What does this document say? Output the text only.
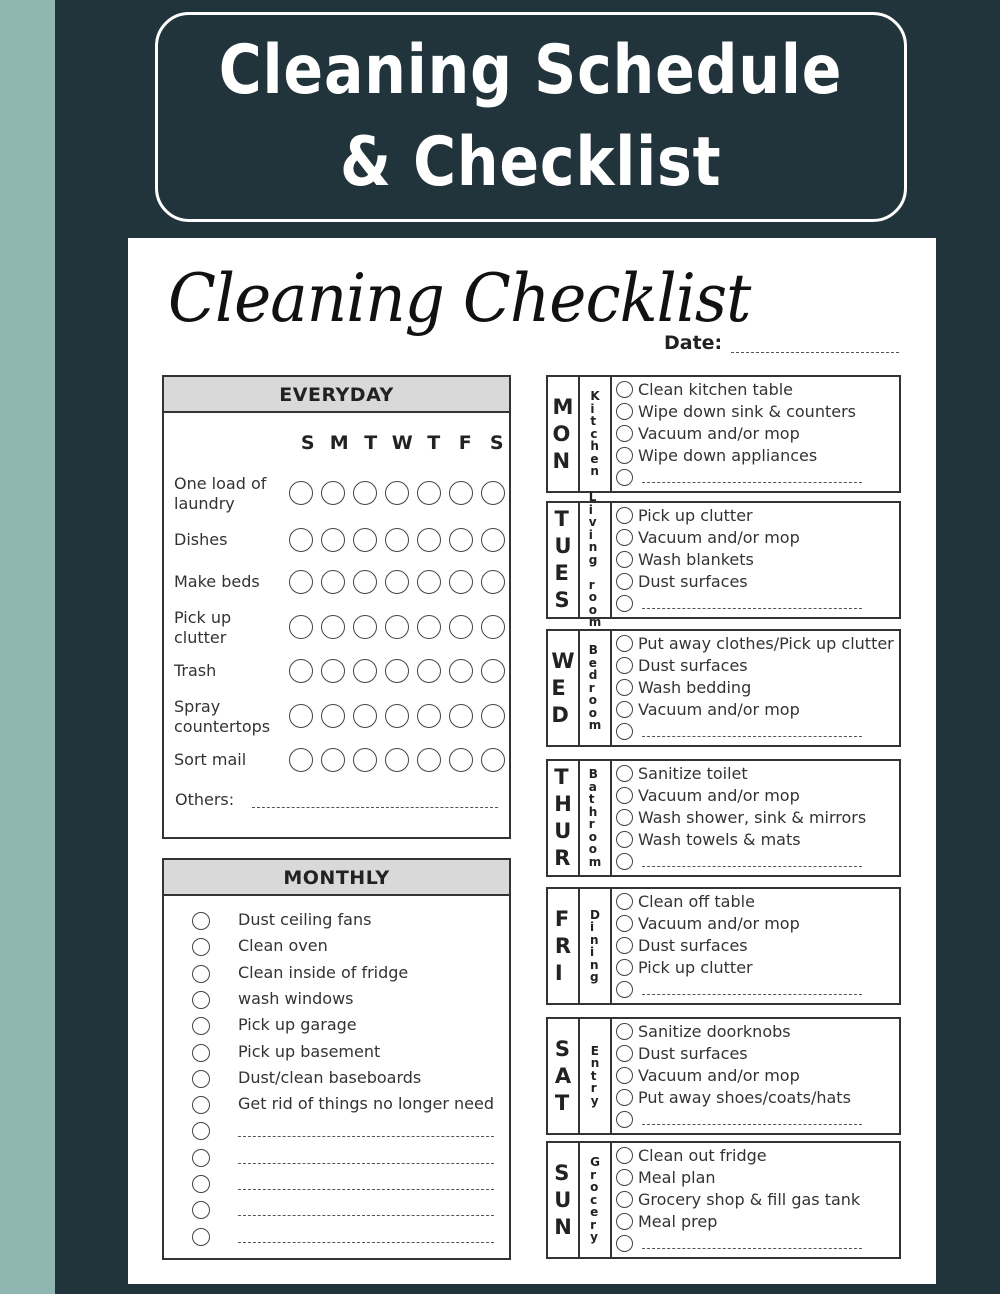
Cleaning Schedule
& Checklist
Cleaning Checklist
Date:
EVERYDAY
S M T W T F S
One load of laundry
Dishes
Make beds
Pick up clutter
Trash
Spray countertops
Sort mail
Others:
MONTHLY
Dust ceiling fans
Clean oven
Clean inside of fridge
wash windows
Pick up garage
Pick up basement
Dust/clean baseboards
Get rid of things no longer need
M
O
N
K
i
t
c
h
e
n
Clean kitchen table
Wipe down sink & counters
Vacuum and/or mop
Wipe down appliances
T
U
E
S
L
i
v
i
n
g

r
o
o
m
Pick up clutter
Vacuum and/or mop
Wash blankets
Dust surfaces
W
E
D
B
e
d
r
o
o
m
Put away clothes/Pick up clutter
Dust surfaces
Wash bedding
Vacuum and/or mop
T
H
U
R
B
a
t
h
r
o
o
m
Sanitize toilet
Vacuum and/or mop
Wash shower, sink & mirrors
Wash towels & mats
F
R
I
D
i
n
i
n
g
Clean off table
Vacuum and/or mop
Dust surfaces
Pick up clutter
S
A
T
E
n
t
r
y
Sanitize doorknobs
Dust surfaces
Vacuum and/or mop
Put away shoes/coats/hats
S
U
N
G
r
o
c
e
r
y
Clean out fridge
Meal plan
Grocery shop & fill gas tank
Meal prep
